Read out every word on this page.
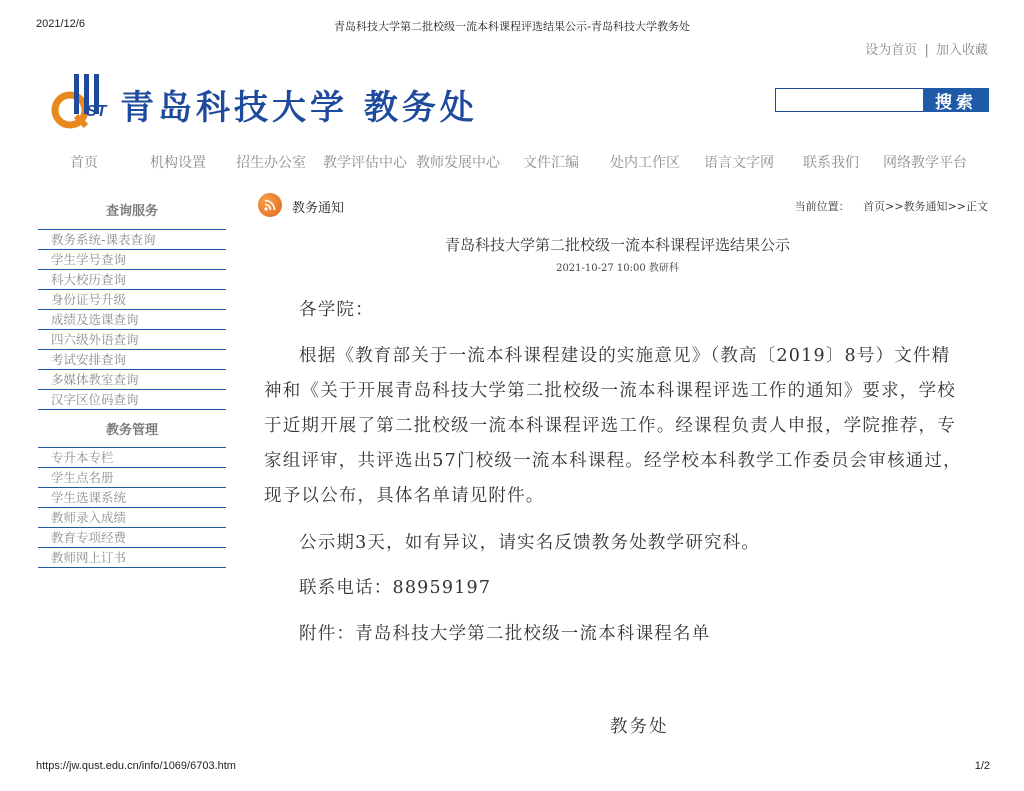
2021/12/6	青岛科技大学第二批校级一流本科课程评选结果公示-青岛科技大学教务处
设为首页 | 加入收藏
ST 青岛科技大学 教务处	搜索
首页	机构设置 招生办公室 教学评估中心 教师发展中心 文件汇编 处内工作区 语言文字网 联系我们 网络教学平台
查询服务
教务系统-课表查询
学生学号查询
科大校历查询
身份证号升级
成绩及选课查询
四六级外语查询
考试安排查询
多媒体教室查询
汉字区位码查询
教务管理
专升本专栏
学生点名册
学生选课系统
教师录入成绩
教育专项经费
教师网上订书
教务通知	当前位置： 首页>>教务通知>>正文
青岛科技大学第二批校级一流本科课程评选结果公示
2021-10-27 10:00 教研科
各学院：
根据《教育部关于一流本科课程建设的实施意见》（教高〔2019〕8号）文件精神和《关于开展青岛科技大学第二批校级一流本科课程评选工作的通知》要求，学校于近期开展了第二批校级一流本科课程评选工作。经课程负责人申报，学院推荐，专家组评审，共评选出57门校级一流本科课程。经学校本科教学工作委员会审核通过，现予以公布，具体名单请见附件。
公示期3天，如有异议，请实名反馈教务处教学研究科。
联系电话：88959197
附件：青岛科技大学第二批校级一流本科课程名单
教务处
https://jw.qust.edu.cn/info/1069/6703.htm	1/2
